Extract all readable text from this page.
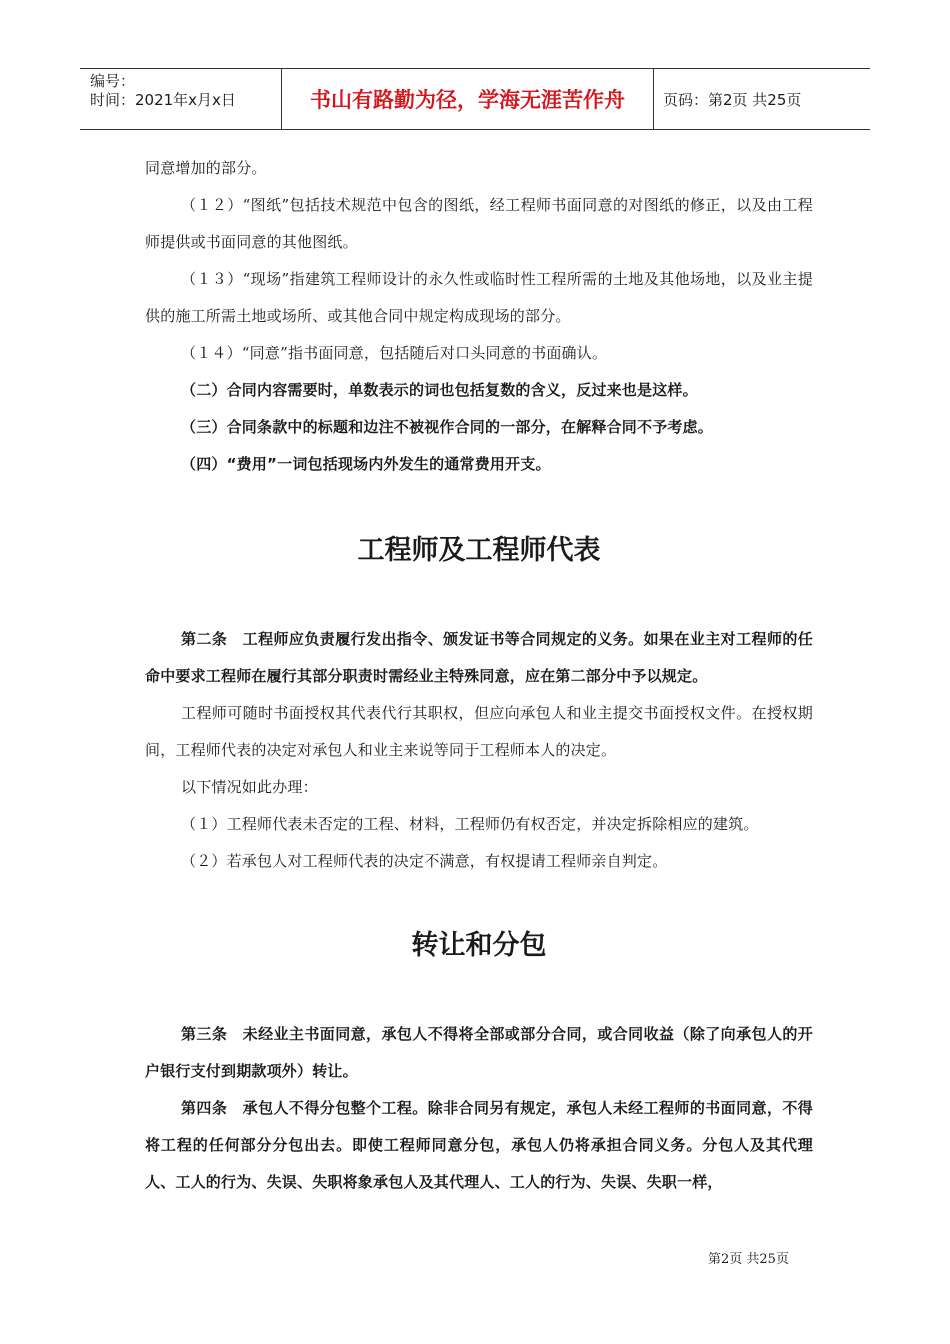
编号：
时间：2021年x月x日	书山有路勤为径，学海无涯苦作舟	页码：第2页 共25页

同意增加的部分。

（１２）“图纸”包括技术规范中包含的图纸，经工程师书面同意的对图纸的修正，以及由工程师提供或书面同意的其他图纸。

（１３）“现场”指建筑工程师设计的永久性或临时性工程所需的土地及其他场地，以及业主提供的施工所需土地或场所、或其他合同中规定构成现场的部分。

（１４）“同意”指书面同意，包括随后对口头同意的书面确认。

（二）合同内容需要时，单数表示的词也包括复数的含义，反过来也是这样。

（三）合同条款中的标题和边注不被视作合同的一部分，在解释合同不予考虑。

（四）“费用”一词包括现场内外发生的通常费用开支。

工程师及工程师代表

第二条　工程师应负责履行发出指令、颁发证书等合同规定的义务。如果在业主对工程师的任命中要求工程师在履行其部分职责时需经业主特殊同意，应在第二部分中予以规定。

工程师可随时书面授权其代表代行其职权，但应向承包人和业主提交书面授权文件。在授权期间，工程师代表的决定对承包人和业主来说等同于工程师本人的决定。

以下情况如此办理：

（１）工程师代表未否定的工程、材料，工程师仍有权否定，并决定拆除相应的建筑。

（２）若承包人对工程师代表的决定不满意，有权提请工程师亲自判定。

转让和分包

第三条　未经业主书面同意，承包人不得将全部或部分合同，或合同收益（除了向承包人的开户银行支付到期款项外）转让。

第四条　承包人不得分包整个工程。除非合同另有规定，承包人未经工程师的书面同意，不得将工程的任何部分分包出去。即使工程师同意分包，承包人仍将承担合同义务。分包人及其代理人、工人的行为、失误、失职将象承包人及其代理人、工人的行为、失误、失职一样，

第2页 共25页
